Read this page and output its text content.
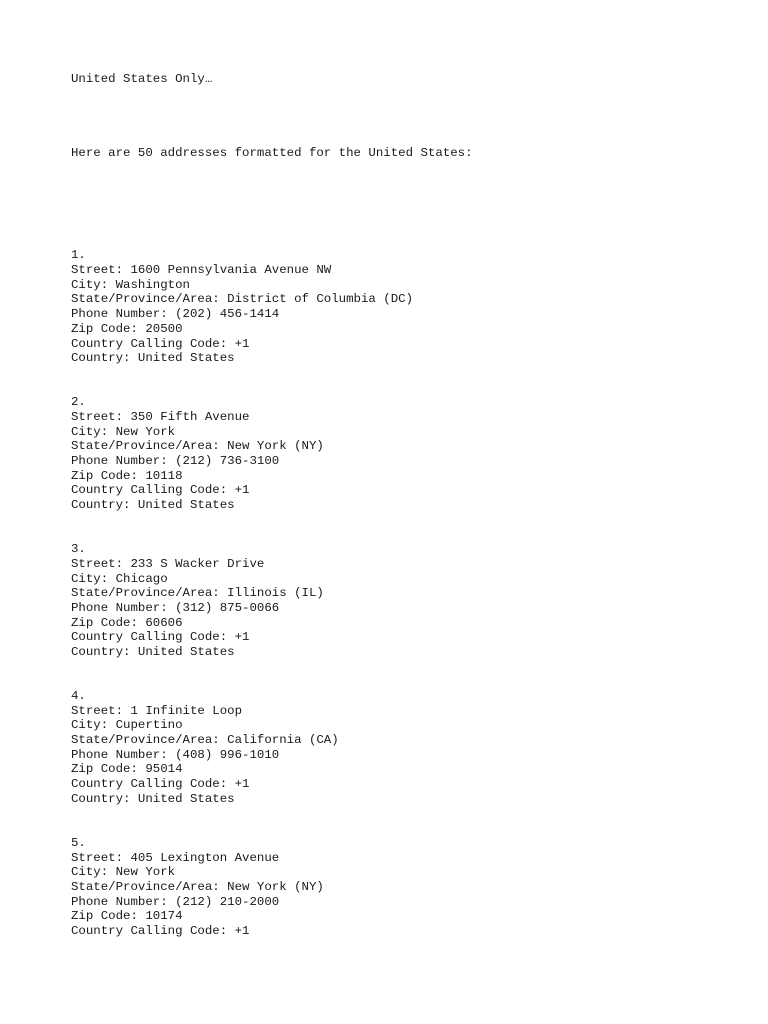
United States Only…
Here are 50 addresses formatted for the United States:
1.
Street: 1600 Pennsylvania Avenue NW
City: Washington
State/Province/Area: District of Columbia (DC)
Phone Number: (202) 456-1414
Zip Code: 20500
Country Calling Code: +1
Country: United States
2.
Street: 350 Fifth Avenue
City: New York
State/Province/Area: New York (NY)
Phone Number: (212) 736-3100
Zip Code: 10118
Country Calling Code: +1
Country: United States
3.
Street: 233 S Wacker Drive
City: Chicago
State/Province/Area: Illinois (IL)
Phone Number: (312) 875-0066
Zip Code: 60606
Country Calling Code: +1
Country: United States
4.
Street: 1 Infinite Loop
City: Cupertino
State/Province/Area: California (CA)
Phone Number: (408) 996-1010
Zip Code: 95014
Country Calling Code: +1
Country: United States
5.
Street: 405 Lexington Avenue
City: New York
State/Province/Area: New York (NY)
Phone Number: (212) 210-2000
Zip Code: 10174
Country Calling Code: +1
